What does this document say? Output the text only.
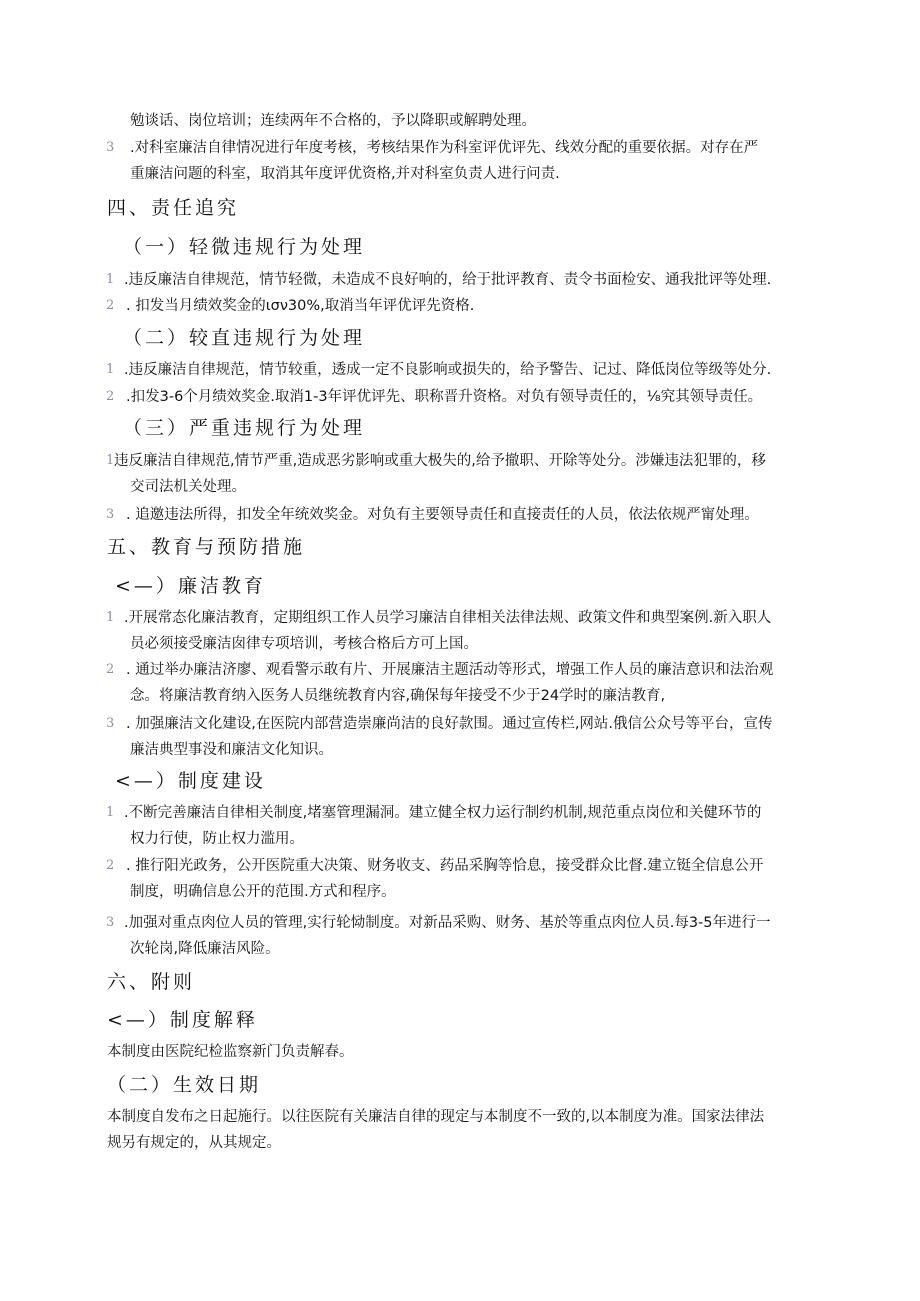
勉谈话、岗位培训；连续两年不合格的，予以降职或解聘处理。
3 .对科室廉洁自律情况进行年度考核，考核结果作为科室评优评先、线效分配的重要依据。对存在严
重廉洁问题的科室，取消其年度评优资格,并对科室负责人进行问责.
四、责任追究
（一）轻微违规行为处理
1 .违反廉洁自律规范，情节轻微，未造成不良好响的，给于批评教育、责令书面检安、通我批评等处理.
2 . 扣发当月绩效奖金的ισν30%,取消当年评优评先资格.
（二）较直违规行为处理
1 .违反廉洁自律规范，情节较重，透成一定不良影响或损失的，给予警告、记过、降低岗位等级等处分.
2 .扣发3-6个月绩效奖金.取消1-3年评优评先、职称晋升资格。对负有领导责任的，⅛究其领导责任。
（三）严重违规行为处理
1 违反廉洁自律规范,情节严重,造成恶劣影响或重大极失的,给予撤职、开除等处分。涉嫌违法犯罪的，移
交司法机关处理。
3 . 追邀违法所得，扣发全年统效奖金。对负有主要领导责任和直接责任的人员，依法依规严甯处理。
五、教育与预防措施
<—）廉洁教育
1 .开展常态化廉洁教育，定期组织工作人员学习廉洁自律相关法律法规、政策文件和典型案例.新入职人
员必须接受廉洁囱律专项培训，考核合格后方可上国。
2 . 通过举办廉洁济廖、观看警示敢有片、开展廉洁主题活动等形式，增强工作人员的廉洁意识和法治观
念。将廉洁教育纳入医务人员继统教育内容,确保每年接受不少于24学时的廉洁教育,
3 . 加强廉洁文化建设,在医院内部营造崇廉尚洁的良好款围。通过宣传栏,网站.俄信公众号等平台，宣传
廉洁典型事没和廉洁文化知识。
<—）制度建设
1 .不断完善廉洁自律相关制度,堵塞管理漏洞。建立健全权力运行制约机制,规范重点岗位和关健环节的
权力行使，防止权力滥用。
2 . 推行阳光政务，公开医院重大决策、财务收支、药品采胸等恰息，接受群众比督.建立铤全信息公开
制度，明确信息公开的范围.方式和程序。
3 .加强对重点肉位人员的管理,实行轮恸制度。对新品采购、财务、基於等重点肉位人员.每3-5年进行一
次轮岗,降低廉洁风险。
六、附则
<—）制度解释
本制度由医院纪检监察新门负责解春。
（二）生效日期
本制度自发布之日起施行。以往医院有关廉洁自律的现定与本制度不一致的,以本制度为准。国家法律法
规另有规定的，从其规定。
